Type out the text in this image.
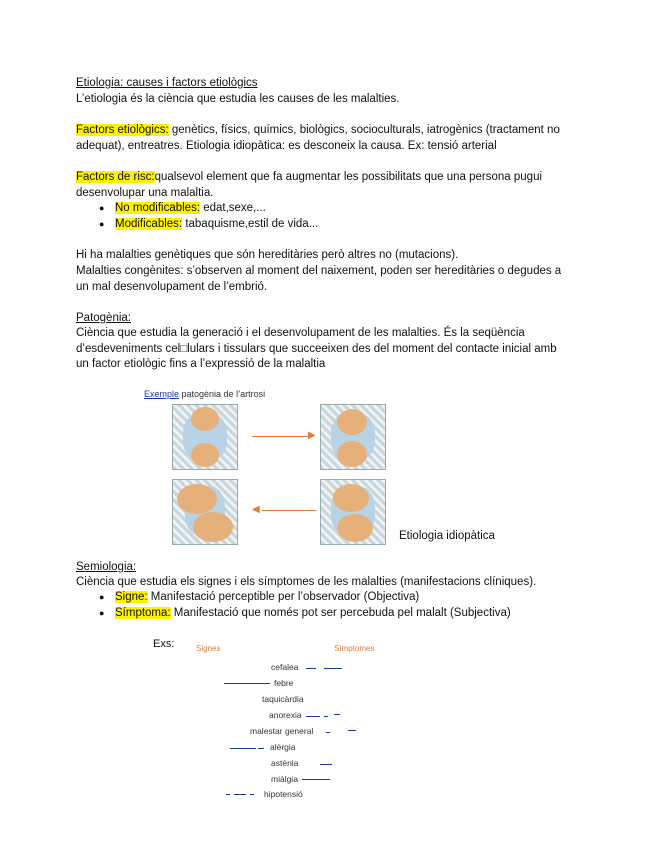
Etiologia: causes i factors etiològics
L’etiologia és la ciència que estudia les causes de les malalties.
Factors etiològics: genètics, físics, químics, biològics, socioculturals, iatrogènics (tractament no
adequat), entreatres. Etiologia idiopàtica: es desconeix la causa. Ex: tensió arterial
Factors de risc:qualsevol element que fa augmentar les possibilitats que una persona pugui
desenvolupar una malaltia.
● No modificables: edat,sexe,...
● Modificables: tabaquisme,estil de vida...
Hi ha malalties genètiques que són hereditàries però altres no (mutacions).
Malalties congènites: s’observen al moment del naixement, poden ser hereditàries o degudes a
un mal desenvolupament de l’embrió.
Patogènia:
Ciència que estudia la generació i el desenvolupament de les malalties. És la seqüència
d’esdeveniments cel□lulars i tissulars que succeeixen des del moment del contacte inicial amb
un factor etiològic fins a l’expressió de la malaltia
Exemple patogènia de l’artrosi
▶
◀
Etiologia idiopàtica
Semiologia:
Ciència que estudia els signes i els símptomes de les malalties (manifestacions clíniques).
● Signe: Manifestació perceptible per l’observador (Objectiva)
● Símptoma: Manifestació que només pot ser percebuda pel malalt (Subjectiva)
Exs:	Signes	Símptomes
cefalea
febre
taquicàrdia
anorexia
malestar general
alèrgia
astènia
miàlgia
hipotensió
